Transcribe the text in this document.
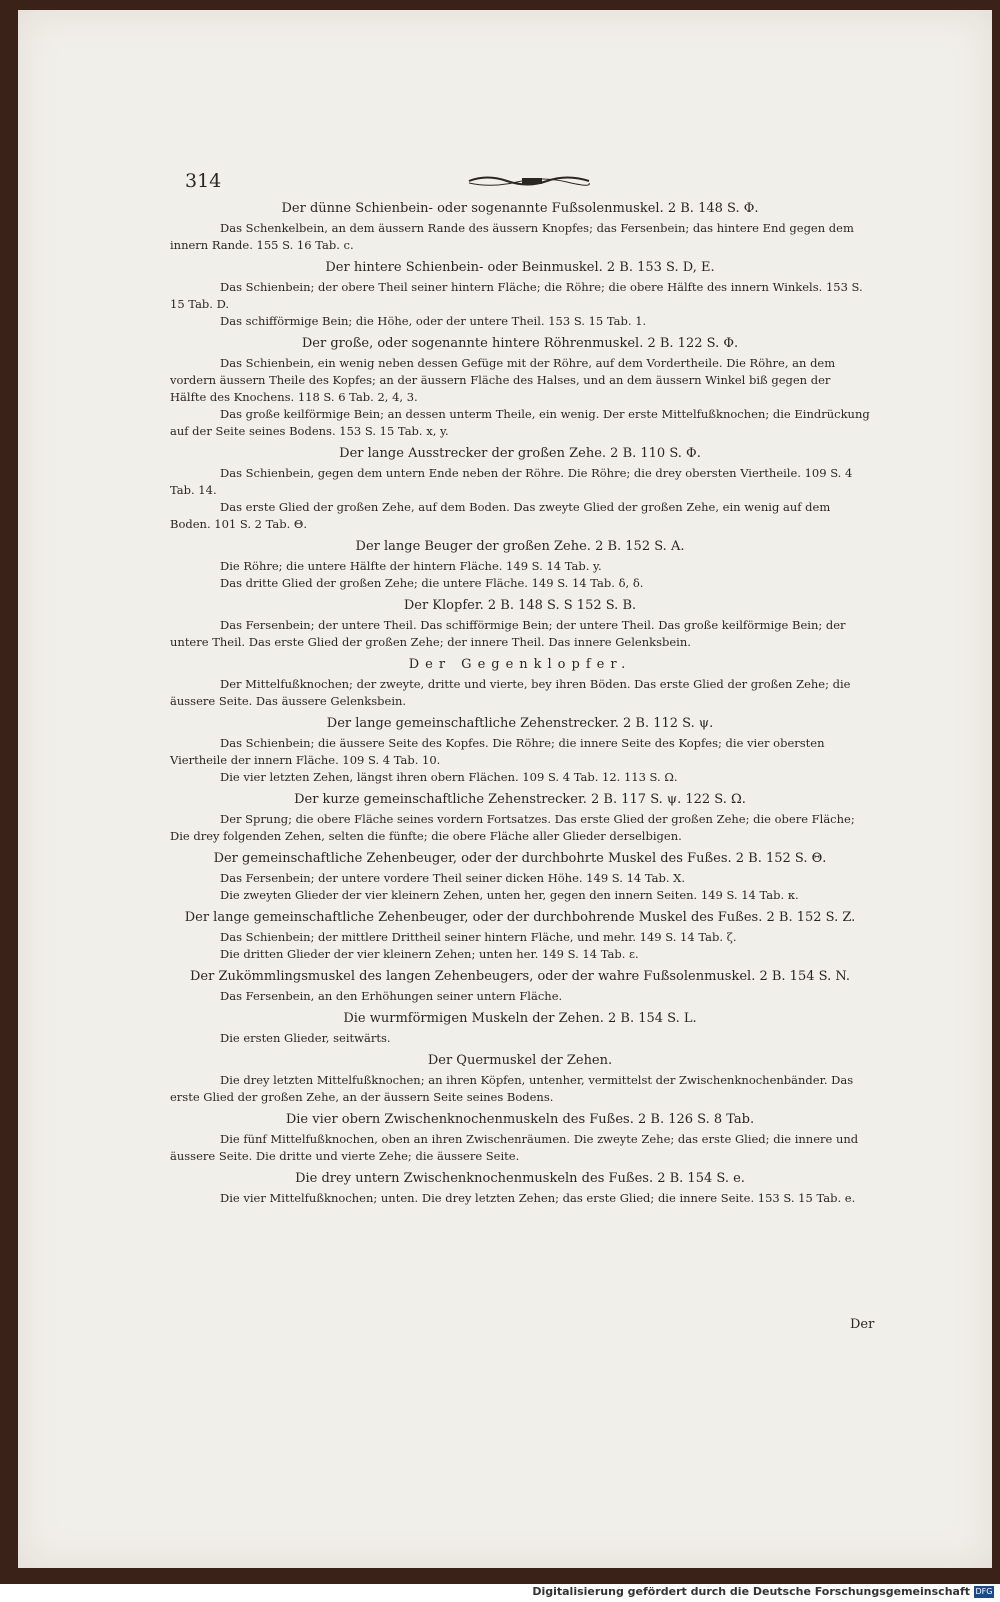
314

Der dünne Schienbein- oder sogenannte Fußsolenmuskel. 2 B. 148 S. Φ.

Das Schenkelbein, an dem äussern Rande des äussern Knopfes; das Fersenbein; das hintere End gegen dem innern Rande. 155 S. 16 Tab. c.

Der hintere Schienbein- oder Beinmuskel. 2 B. 153 S. D, E.

Das Schienbein; der obere Theil seiner hintern Fläche; die Röhre; die obere Hälfte des innern Winkels. 153 S. 15 Tab. D.

Das schifförmige Bein; die Höhe, oder der untere Theil. 153 S. 15 Tab. 1.

Der große, oder sogenannte hintere Röhrenmuskel. 2 B. 122 S. Φ.

Das Schienbein, ein wenig neben dessen Gefüge mit der Röhre, auf dem Vordertheile. Die Röhre, an dem vordern äussern Theile des Kopfes; an der äussern Fläche des Halses, und an dem äussern Winkel biß gegen der Hälfte des Knochens. 118 S. 6 Tab. 2, 4, 3.

Das große keilförmige Bein; an dessen unterm Theile, ein wenig. Der erste Mittelfußknochen; die Eindrückung auf der Seite seines Bodens. 153 S. 15 Tab. x, y.

Der lange Ausstrecker der großen Zehe. 2 B. 110 S. Φ.

Das Schienbein, gegen dem untern Ende neben der Röhre. Die Röhre; die drey obersten Viertheile. 109 S. 4 Tab. 14.

Das erste Glied der großen Zehe, auf dem Boden. Das zweyte Glied der großen Zehe, ein wenig auf dem Boden. 101 S. 2 Tab. Θ.

Der lange Beuger der großen Zehe. 2 B. 152 S. A.

Die Röhre; die untere Hälfte der hintern Fläche. 149 S. 14 Tab. y.

Das dritte Glied der großen Zehe; die untere Fläche. 149 S. 14 Tab. δ, δ.

Der Klopfer. 2 B. 148 S. S 152 S. B.

Das Fersenbein; der untere Theil. Das schifförmige Bein; der untere Theil. Das große keilförmige Bein; der untere Theil. Das erste Glied der großen Zehe; der innere Theil. Das innere Gelenksbein.

Der Gegenklopfer.

Der Mittelfußknochen; der zweyte, dritte und vierte, bey ihren Böden. Das erste Glied der großen Zehe; die äussere Seite. Das äussere Gelenksbein.

Der lange gemeinschaftliche Zehenstrecker. 2 B. 112 S. ψ.

Das Schienbein; die äussere Seite des Kopfes. Die Röhre; die innere Seite des Kopfes; die vier obersten Viertheile der innern Fläche. 109 S. 4 Tab. 10.

Die vier letzten Zehen, längst ihren obern Flächen. 109 S. 4 Tab. 12. 113 S. Ω.

Der kurze gemeinschaftliche Zehenstrecker. 2 B. 117 S. ψ. 122 S. Ω.

Der Sprung; die obere Fläche seines vordern Fortsatzes. Das erste Glied der großen Zehe; die obere Fläche; Die drey folgenden Zehen, selten die fünfte; die obere Fläche aller Glieder derselbigen.

Der gemeinschaftliche Zehenbeuger, oder der durchbohrte Muskel des Fußes. 2 B. 152 S. Θ.

Das Fersenbein; der untere vordere Theil seiner dicken Höhe. 149 S. 14 Tab. X.

Die zweyten Glieder der vier kleinern Zehen, unten her, gegen den innern Seiten. 149 S. 14 Tab. κ.

Der lange gemeinschaftliche Zehenbeuger, oder der durchbohrende Muskel des Fußes. 2 B. 152 S. Z.

Das Schienbein; der mittlere Drittheil seiner hintern Fläche, und mehr. 149 S. 14 Tab. ζ.

Die dritten Glieder der vier kleinern Zehen; unten her. 149 S. 14 Tab. ε.

Der Zukömmlingsmuskel des langen Zehenbeugers, oder der wahre Fußsolenmuskel. 2 B. 154 S. N.

Das Fersenbein, an den Erhöhungen seiner untern Fläche.

Die wurmförmigen Muskeln der Zehen. 2 B. 154 S. L.

Die ersten Glieder, seitwärts.

Der Quermuskel der Zehen.

Die drey letzten Mittelfußknochen; an ihren Köpfen, untenher, vermittelst der Zwischenknochenbänder. Das erste Glied der großen Zehe, an der äussern Seite seines Bodens.

Die vier obern Zwischenknochenmuskeln des Fußes. 2 B. 126 S. 8 Tab.

Die fünf Mittelfußknochen, oben an ihren Zwischenräumen. Die zweyte Zehe; das erste Glied; die innere und äussere Seite. Die dritte und vierte Zehe; die äussere Seite.

Die drey untern Zwischenknochenmuskeln des Fußes. 2 B. 154 S. e.

Die vier Mittelfußknochen; unten. Die drey letzten Zehen; das erste Glied; die innere Seite. 153 S. 15 Tab. e.

Der
Digitalisierung gefördert durch die Deutsche Forschungsgemeinschaft DFG
